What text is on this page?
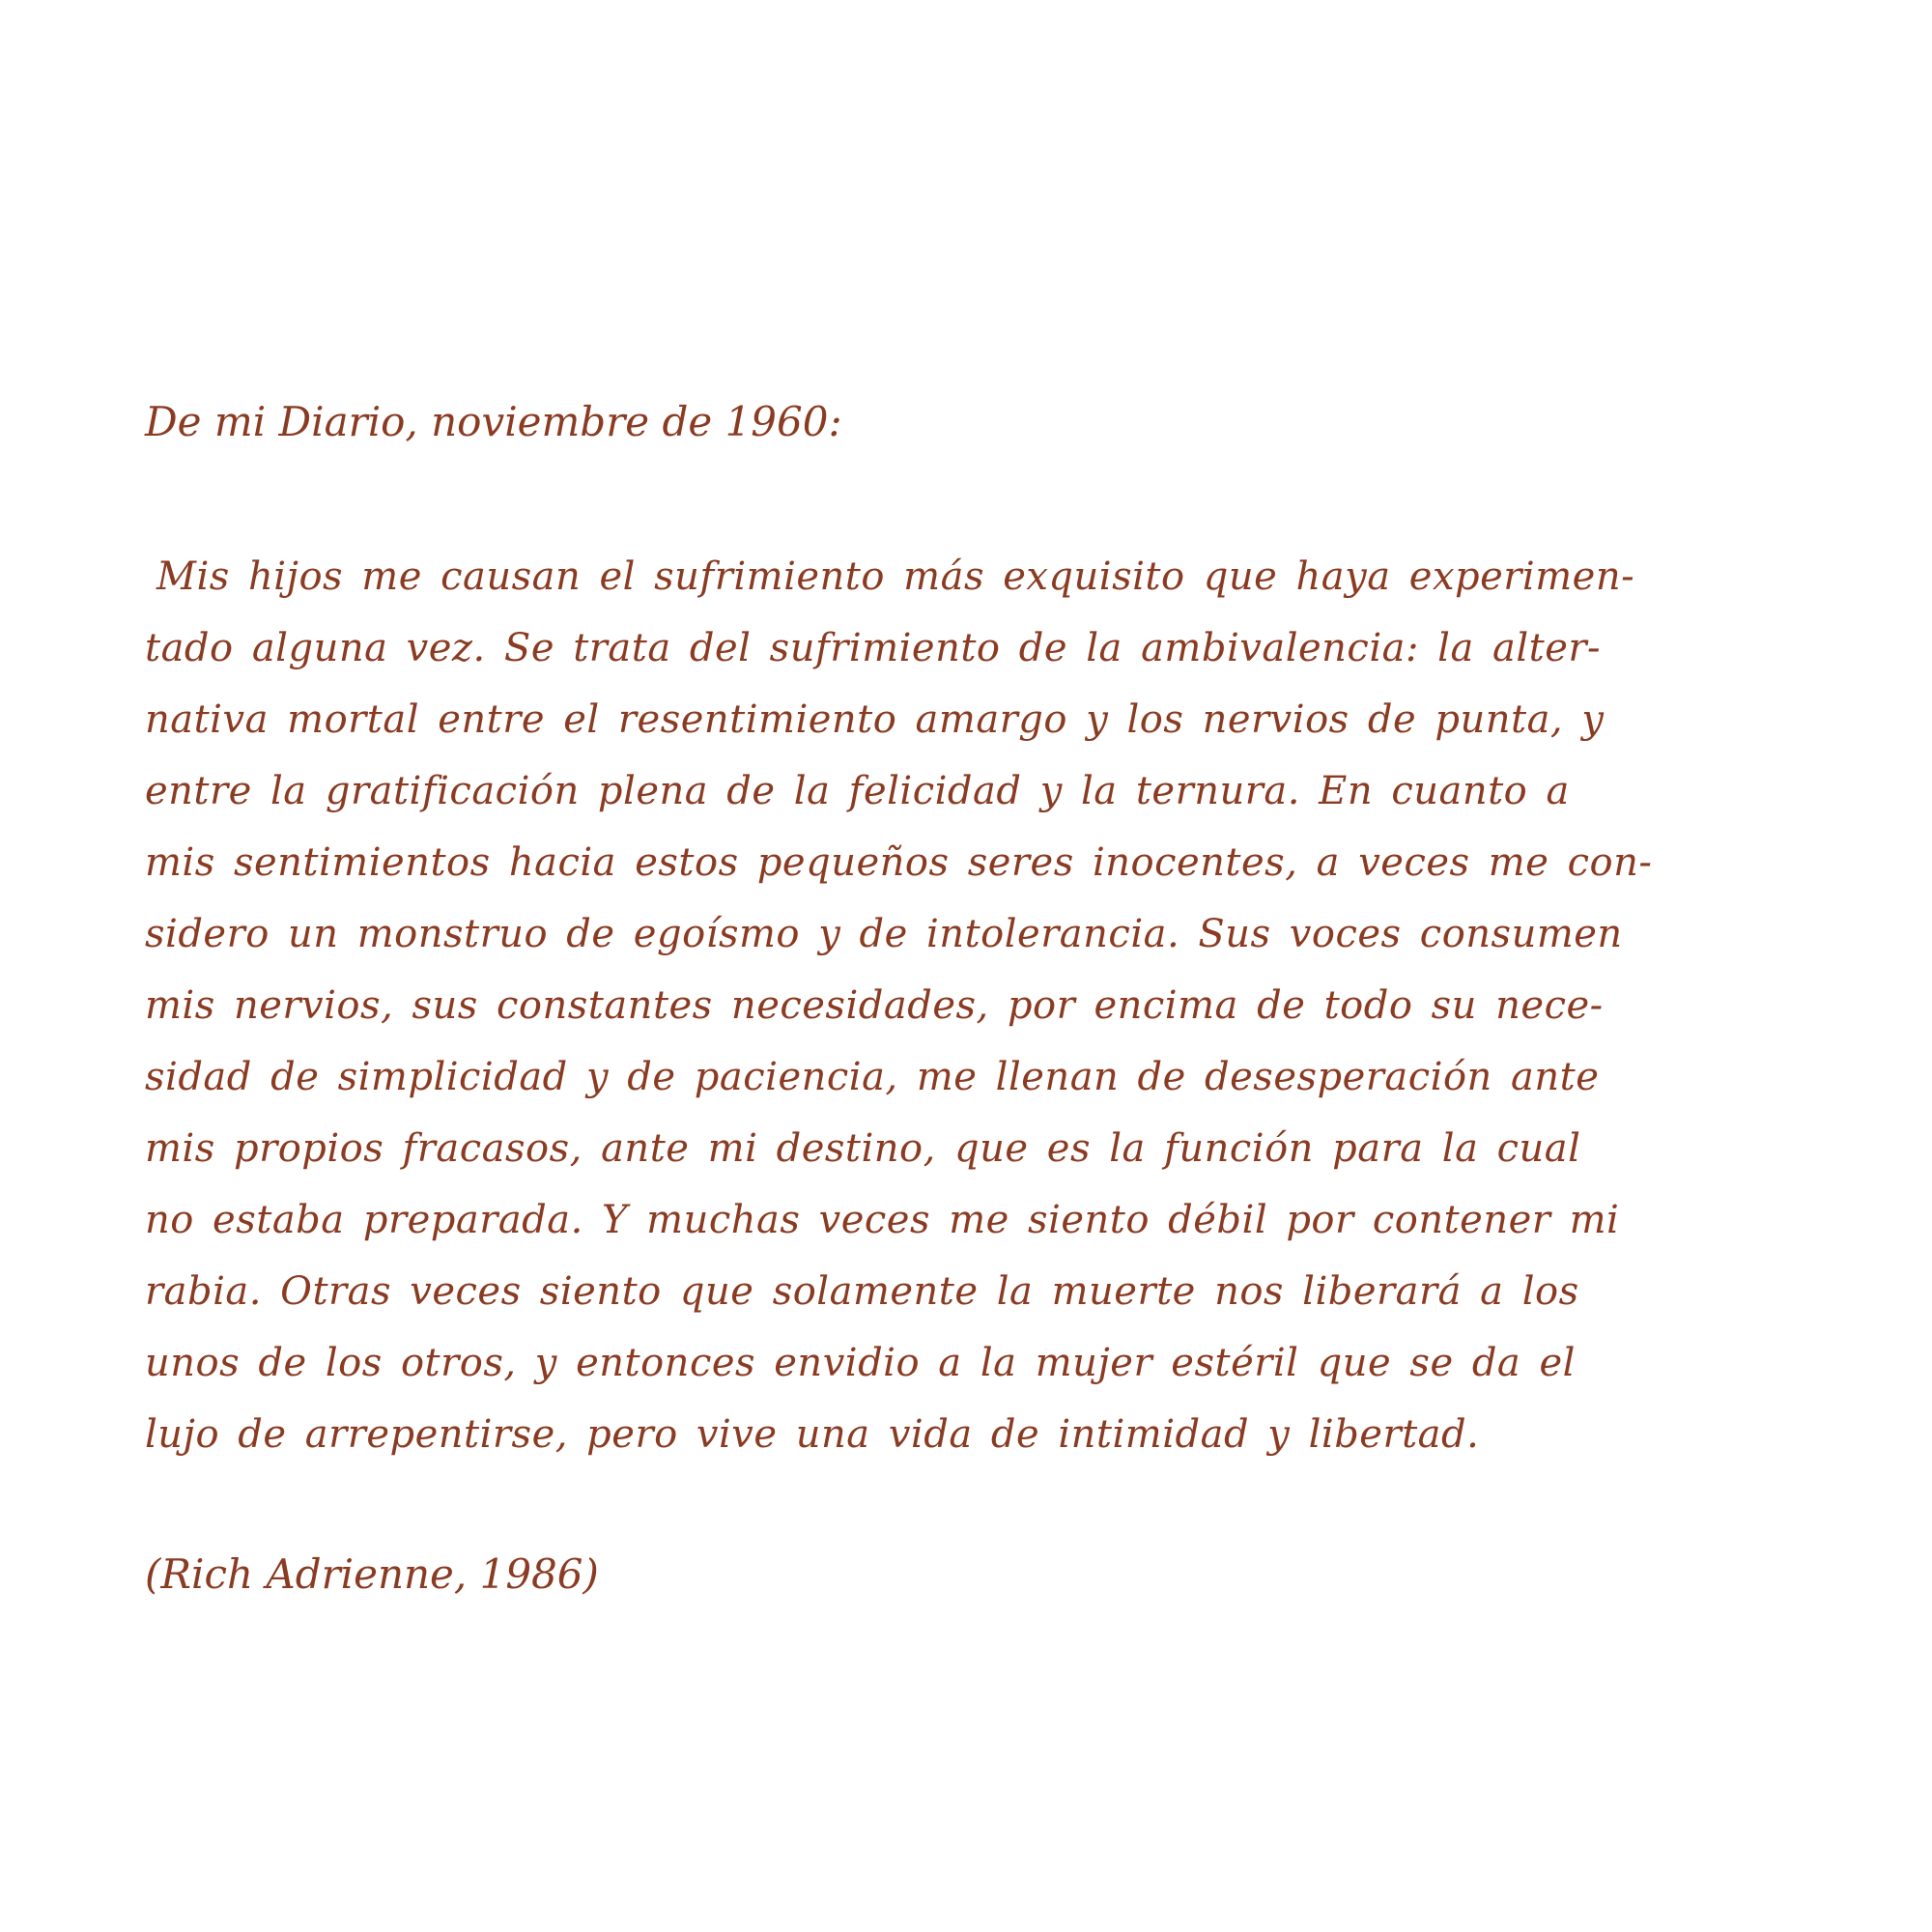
De mi Diario, noviembre de 1960:
Mis hijos me causan el sufrimiento más exquisito que haya experimen-
tado alguna vez. Se trata del sufrimiento de la ambivalencia: la alter-
nativa mortal entre el resentimiento amargo y los nervios de punta, y
entre la gratificación plena de la felicidad y la ternura. En cuanto a
mis sentimientos hacia estos pequeños seres inocentes, a veces me con-
sidero un monstruo de egoísmo y de intolerancia. Sus voces consumen
mis nervios, sus constantes necesidades, por encima de todo su nece-
sidad de simplicidad y de paciencia, me llenan de desesperación ante
mis propios fracasos, ante mi destino, que es la función para la cual
no estaba preparada. Y muchas veces me siento débil por contener mi
rabia. Otras veces siento que solamente la muerte nos liberará a los
unos de los otros, y entonces envidio a la mujer estéril que se da el
lujo de arrepentirse, pero vive una vida de intimidad y libertad.
(Rich Adrienne, 1986)
